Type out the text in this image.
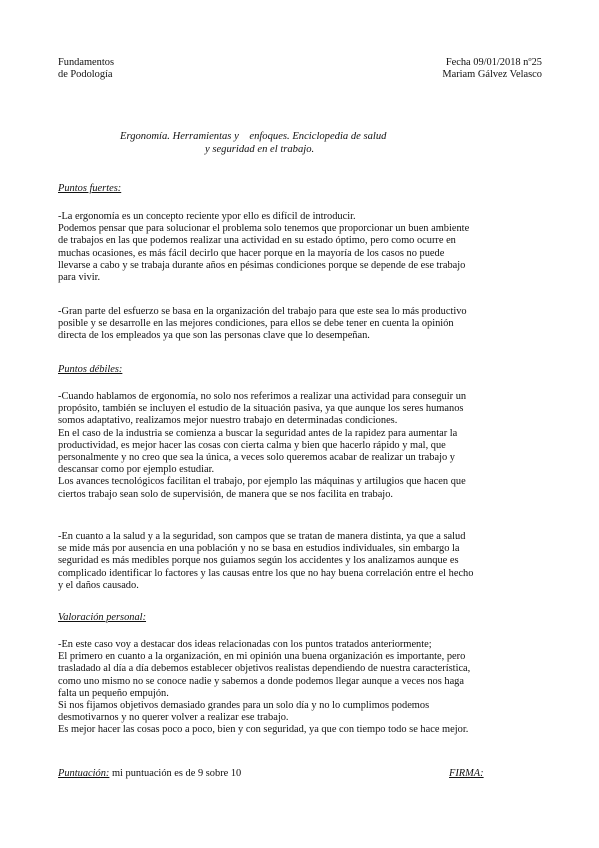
Fundamentos
de Podología
Fecha 09/01/2018 nº25
Mariam Gálvez Velasco
Ergonomía. Herramientas y    enfoques. Enciclopedia de salud
y seguridad en el trabajo.
Puntos fuertes:
-La ergonomía es un concepto reciente ypor ello es difícil de introducir.
Podemos pensar que para solucionar el problema solo tenemos que proporcionar un buen ambiente
de trabajos en las que podemos realizar una actividad en su estado óptimo, pero como ocurre en
muchas ocasiones, es más fácil decirlo que hacer porque en la mayoría de los casos no puede
llevarse a cabo y se trabaja durante años en pésimas condiciones porque se depende de ese trabajo
para vivir.
-Gran parte del esfuerzo se basa en la organización del trabajo para que este sea lo más productivo
posible y se desarrolle en las mejores condiciones, para ellos se debe tener en cuenta la opinión
directa de los empleados ya que son las personas clave que lo desempeñan.
Puntos débiles:
-Cuando hablamos de ergonomía, no solo nos referimos a realizar una actividad para conseguir un
propósito, también se incluyen el estudio de la situación pasiva, ya que aunque los seres humanos
somos adaptativo, realizamos mejor nuestro trabajo en determinadas condiciones.
En el caso de la industria se comienza a buscar la seguridad antes de la rapidez para aumentar la
productividad, es mejor hacer las cosas con cierta calma y bien que hacerlo rápido y mal, que
personalmente y no creo que sea la única, a veces solo queremos acabar de realizar un trabajo y
descansar como por ejemplo estudiar.
Los avances tecnológicos facilitan el trabajo, por ejemplo las máquinas y artilugios que hacen que
ciertos trabajo sean solo de supervisión, de manera que se nos facilita en trabajo.
-En cuanto a la salud y a la seguridad, son campos que se tratan de manera distinta, ya que a salud
se mide más por ausencia en una población y no se basa en estudios individuales, sin embargo la
seguridad es más medibles porque nos guiamos según los accidentes y los analizamos aunque es
complicado identificar lo factores y las causas entre los que no hay buena correlación entre el hecho
y el daños causado.
Valoración personal:
-En este caso voy a destacar dos ideas relacionadas con los puntos tratados anteriormente;
El primero en cuanto a la organización, en mi opinión una buena organización es importante, pero
trasladado al día a día debemos establecer objetivos realistas dependiendo de nuestra característica,
como uno mismo no se conoce nadie y sabemos a donde podemos llegar aunque a veces nos haga
falta un pequeño empujón.
Si nos fijamos objetivos demasiado grandes para un solo día y no lo cumplimos podemos
desmotivarnos y no querer volver a realizar ese trabajo.
Es mejor hacer las cosas poco a poco, bien y con seguridad, ya que con tiempo todo se hace mejor.
Puntuación: mi puntuación es de 9 sobre 10	FIRMA:
